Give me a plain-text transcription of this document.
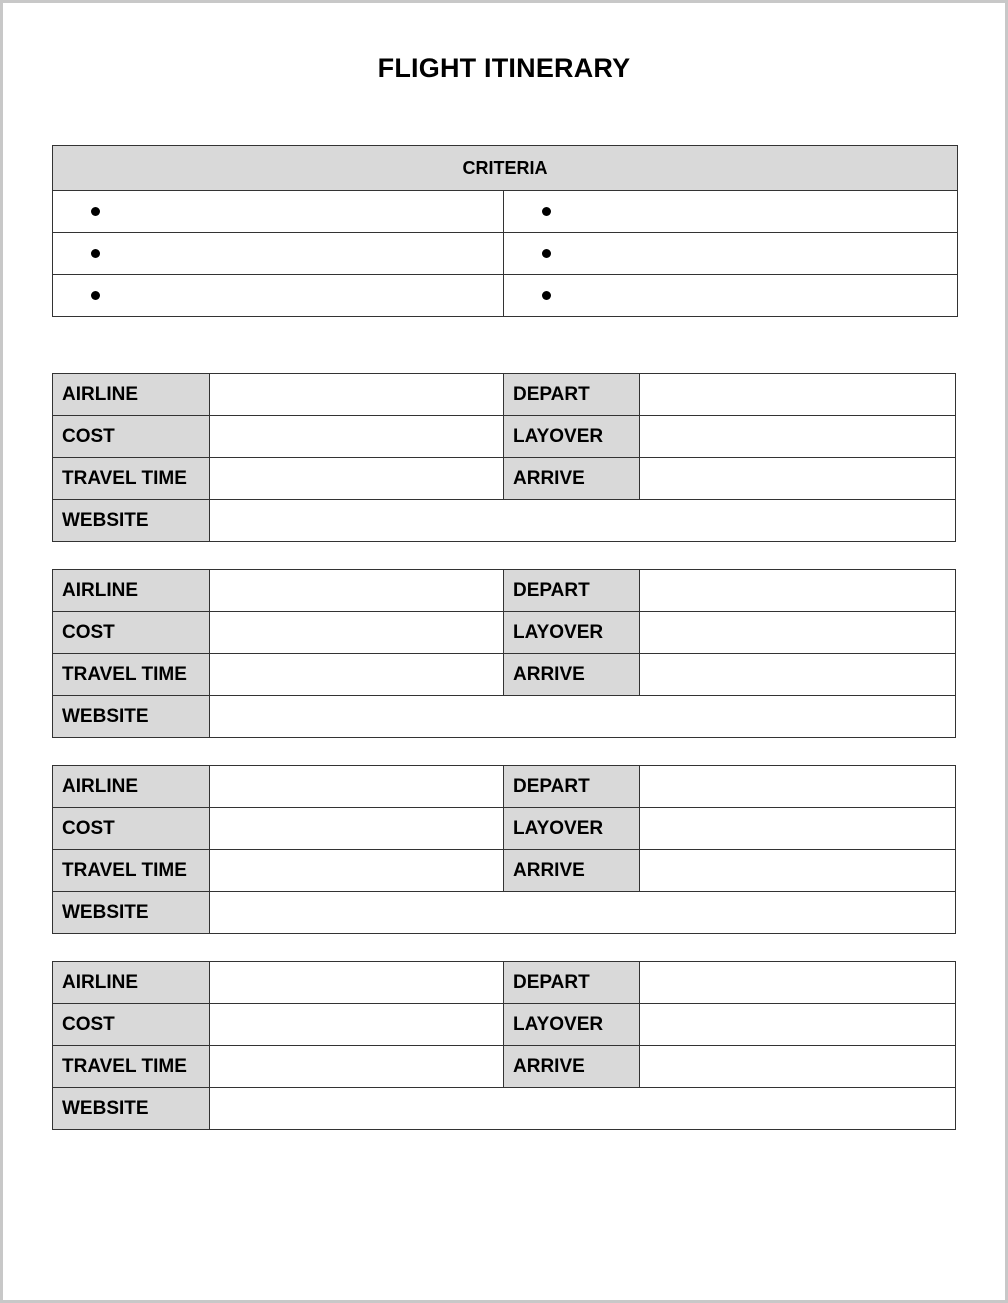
FLIGHT ITINERARY
CRITERIA	

AIRLINE		DEPART	
COST		LAYOVER	
TRAVEL TIME		ARRIVE	
WEBSITE			
AIRLINE		DEPART	
COST		LAYOVER	
TRAVEL TIME		ARRIVE	
WEBSITE			
AIRLINE		DEPART	
COST		LAYOVER	
TRAVEL TIME		ARRIVE	
WEBSITE			
AIRLINE		DEPART	
COST		LAYOVER	
TRAVEL TIME		ARRIVE	
WEBSITE			
